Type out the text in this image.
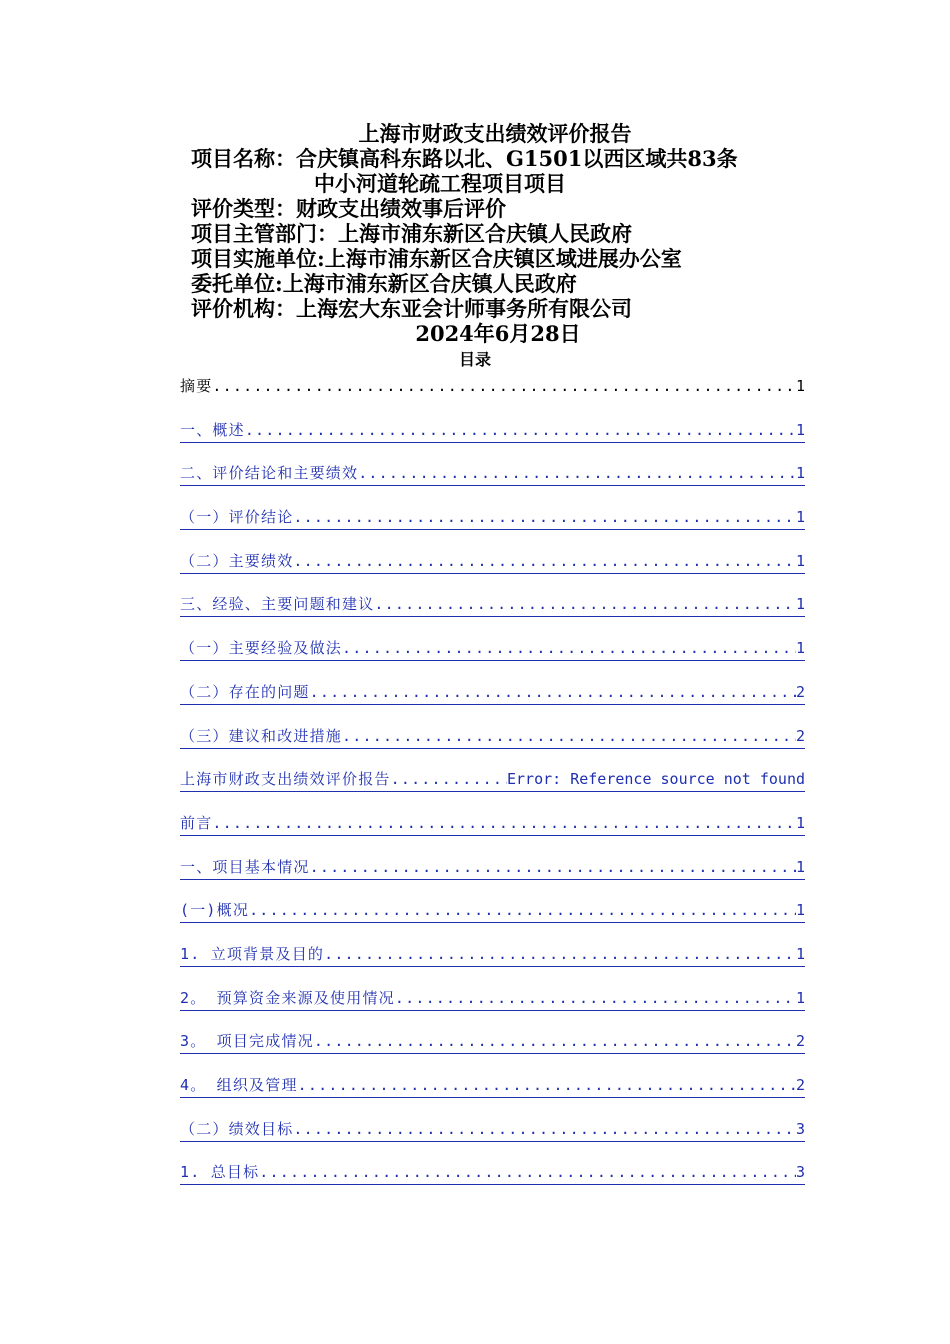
上海市财政支出绩效评价报告
项目名称：合庆镇高科东路以北、G1501以西区域共83条
中小河道轮疏工程项目项目
评价类型：财政支出绩效事后评价
项目主管部门：上海市浦东新区合庆镇人民政府
项目实施单位:上海市浦东新区合庆镇区域进展办公室
委托单位:上海市浦东新区合庆镇人民政府
评价机构：上海宏大东亚会计师事务所有限公司
2024年6月28日
目录
摘要 .....	1
一、概述 .....	1
二、评价结论和主要绩效 .....	1
（一）评价结论 .....	1
（二）主要绩效 .....	1
三、经验、主要问题和建议 .....	1
（一）主要经验及做法 .....	1
（二）存在的问题 .....	2
（三）建议和改进措施 .....	2
上海市财政支出绩效评价报告 .....	Error: Reference source not found
前言 .....	1
一、项目基本情况 .....	1
(一)概况 .....	1
1. 立项背景及目的 .....	1
2。 预算资金来源及使用情况 .....	1
3。 项目完成情况 .....	2
4。 组织及管理 .....	2
（二）绩效目标 .....	3
1. 总目标 .....	3
